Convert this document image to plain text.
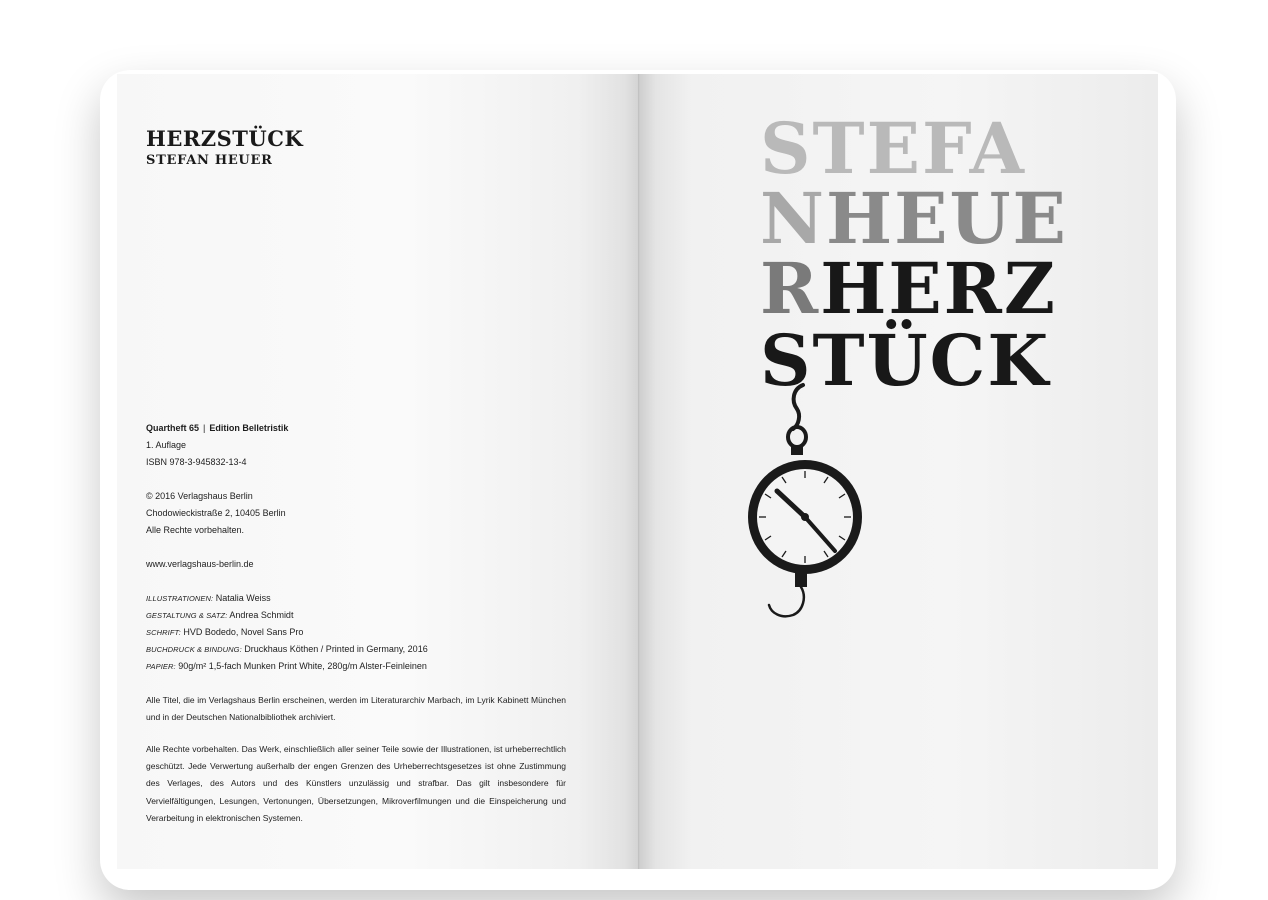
HERZSTÜCK
STEFAN HEUER
Quartheft 65 | Edition Belletristik
1. Auflage
ISBN 978-3-945832-13-4
© 2016 Verlagshaus Berlin
Chodowieckistraße 2, 10405 Berlin
Alle Rechte vorbehalten.
www.verlagshaus-berlin.de
ILLUSTRATIONEN: Natalia Weiss
GESTALTUNG & SATZ: Andrea Schmidt
SCHRIFT: HVD Bodedo, Novel Sans Pro
BUCHDRUCK & BINDUNG: Druckhaus Köthen / Printed in Germany, 2016
PAPIER: 90g/m² 1,5-fach Munken Print White, 280g/m Alster-Feinleinen
Alle Titel, die im Verlagshaus Berlin erscheinen, werden im Literaturarchiv Marbach, im Lyrik Kabinett München und in der Deutschen Nationalbibliothek archiviert.
Alle Rechte vorbehalten. Das Werk, einschließlich aller seiner Teile sowie der Illustrationen, ist urheberrechtlich geschützt. Jede Verwertung außerhalb der engen Grenzen des Urheberrechtsgesetzes ist ohne Zustimmung des Verlages, des Autors und des Künstlers unzulässig und strafbar. Das gilt insbesondere für Vervielfältigungen, Lesungen, Vertonungen, Übersetzungen, Mikroverfilmungen und die Einspeicherung und Verarbeitung in elektronischen Systemen.
STEFA
NHEUE
RHERZ
STÜCK
